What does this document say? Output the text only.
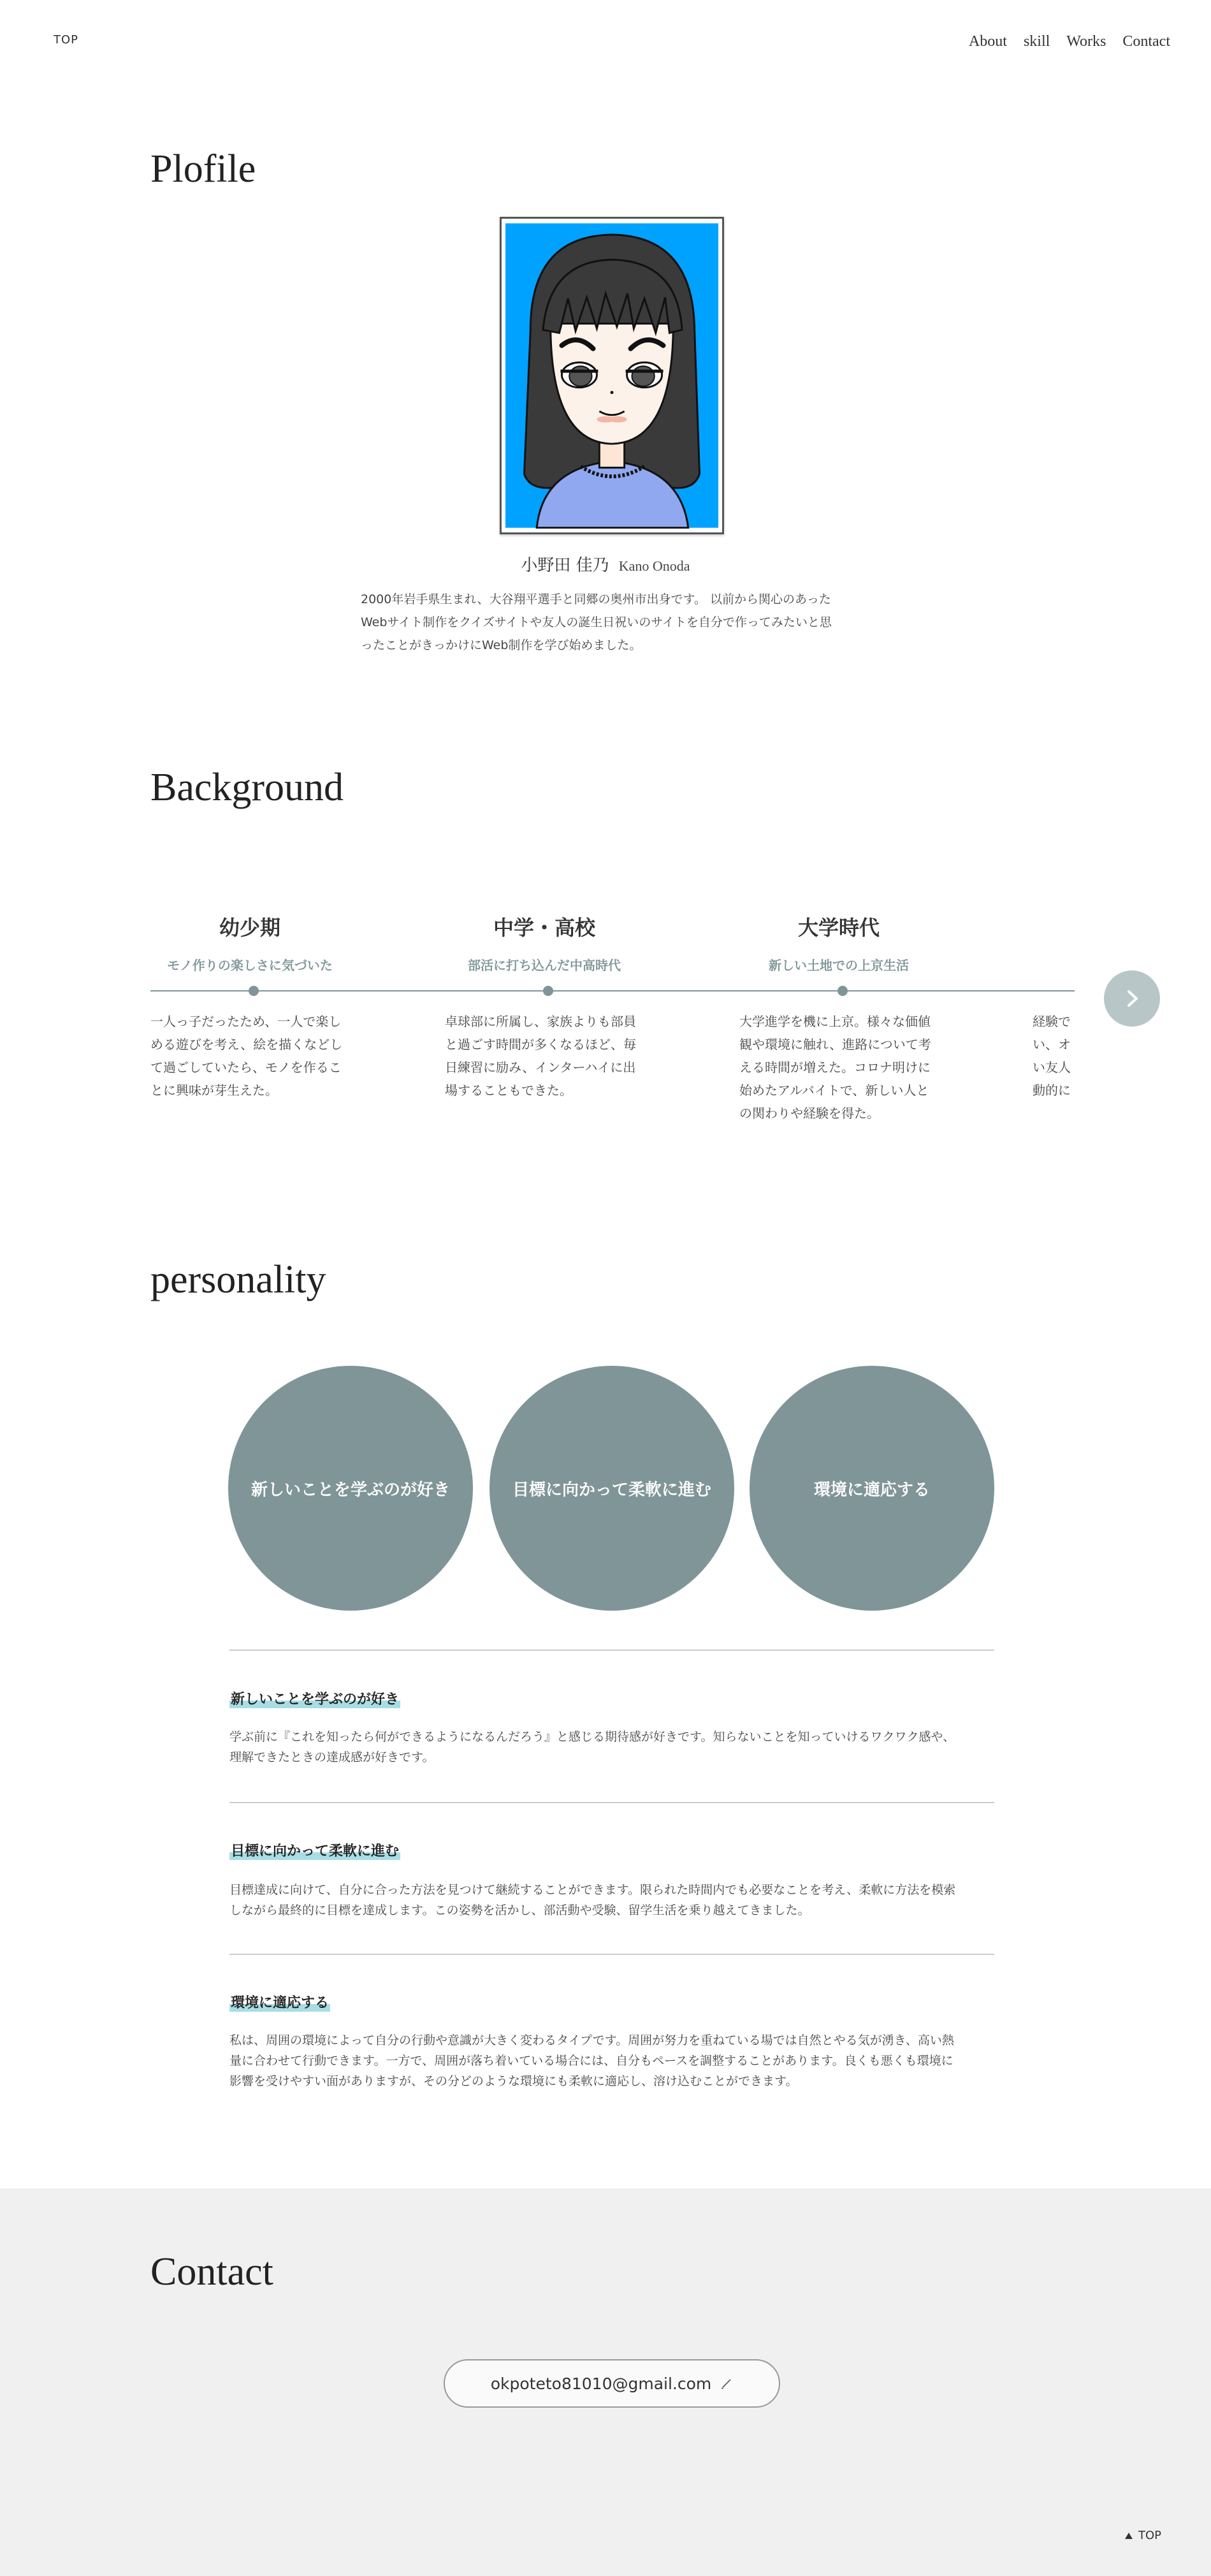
TOP	About skill Works Contact
Plofile
小野田 佳乃 Kano Onoda
2000年岩手県生まれ、大谷翔平選手と同郷の奥州市出身です。 以前から関心のあった
Webサイト制作をクイズサイトや友人の誕生日祝いのサイトを自分で作ってみたいと思
ったことがきっかけにWeb制作を学び始めました。
Background
幼少期
モノ作りの楽しさに気づいた
中学・高校
部活に打ち込んだ中高時代
大学時代
新しい土地での上京生活
一人っ子だったため、一人で楽し
める遊びを考え、絵を描くなどし
て過ごしていたら、モノを作るこ
とに興味が芽生えた。
卓球部に所属し、家族よりも部員
と過ごす時間が多くなるほど、毎
日練習に励み、インターハイに出
場することもできた。
大学進学を機に上京。様々な価値
観や環境に触れ、進路について考
える時間が増えた。コロナ明けに
始めたアルバイトで、新しい人と
の関わりや経験を得た。
経験で
い、オ
い友人
動的に
personality
新しいことを学ぶのが好き	目標に向かって柔軟に進む	環境に適応する
新しいことを学ぶのが好き
学ぶ前に『これを知ったら何ができるようになるんだろう』と感じる期待感が好きです。知らないことを知っていけるワクワク感や、
理解できたときの達成感が好きです。
目標に向かって柔軟に進む
目標達成に向けて、自分に合った方法を見つけて継続することができます。限られた時間内でも必要なことを考え、柔軟に方法を模索
しながら最終的に目標を達成します。この姿勢を活かし、部活動や受験、留学生活を乗り越えてきました。
環境に適応する
私は、周囲の環境によって自分の行動や意識が大きく変わるタイプです。周囲が努力を重ねている場では自然とやる気が湧き、高い熱
量に合わせて行動できます。一方で、周囲が落ち着いている場合には、自分もペースを調整することがあります。良くも悪くも環境に
影響を受けやすい面がありますが、その分どのような環境にも柔軟に適応し、溶け込むことができます。
Contact
okpoteto81010@gmail.com
TOP
